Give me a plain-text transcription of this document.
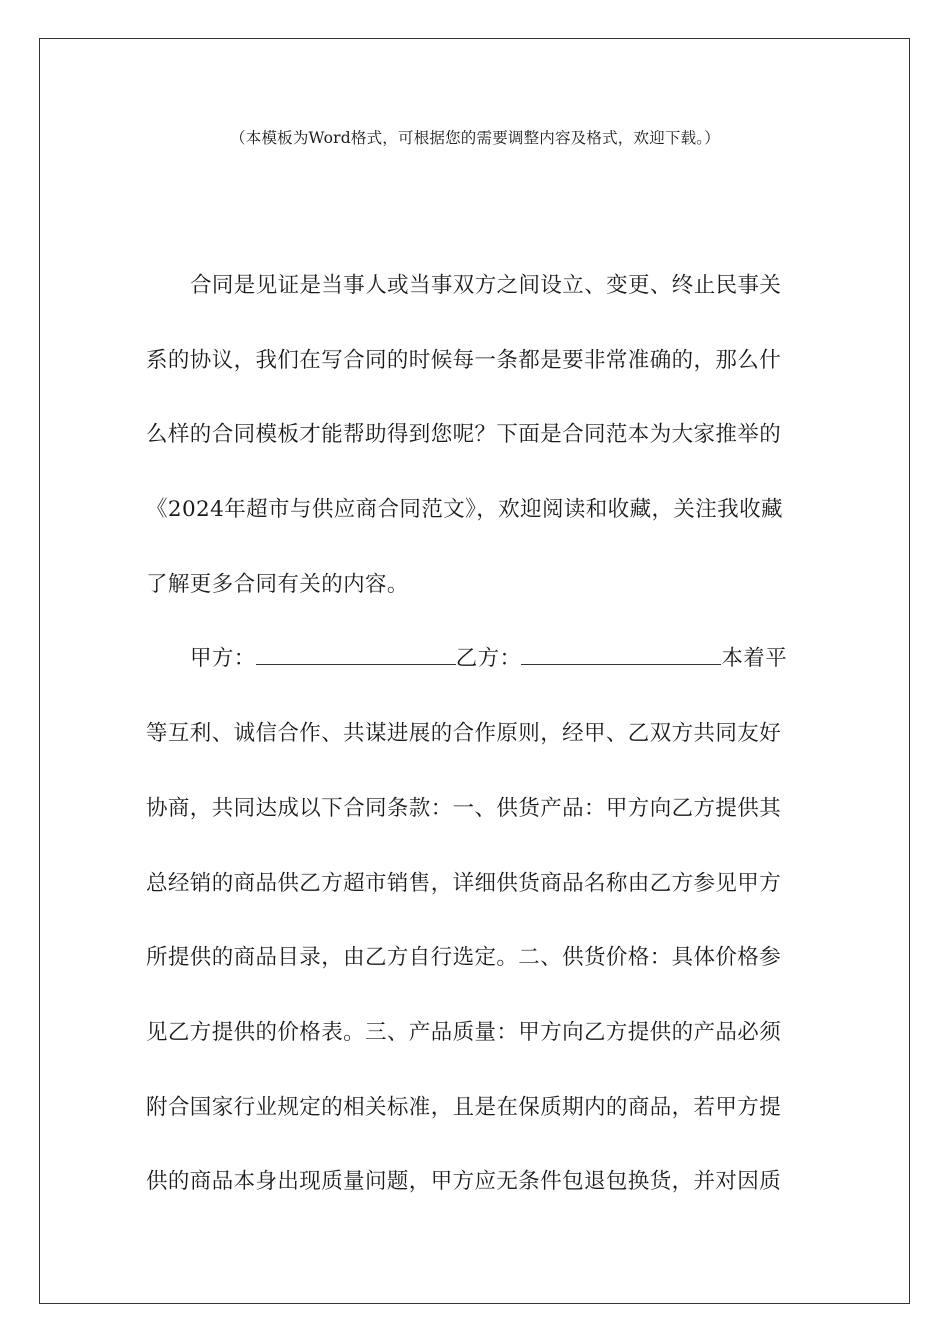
（本模板为Word格式，可根据您的需要调整内容及格式，欢迎下载。）
合同是见证是当事人或当事双方之间设立、变更、终止民事关
系的协议，我们在写合同的时候每一条都是要非常准确的，那么什
么样的合同模板才能帮助得到您呢？下面是合同范本为大家推举的
《2024年超市与供应商合同范文》，欢迎阅读和收藏，关注我收藏
了解更多合同有关的内容。
甲方：	乙方：	本着平
等互利、诚信合作、共谋进展的合作原则，经甲、乙双方共同友好
协商，共同达成以下合同条款：一、供货产品：甲方向乙方提供其
总经销的商品供乙方超市销售，详细供货商品名称由乙方参见甲方
所提供的商品目录，由乙方自行选定。二、供货价格：具体价格参
见乙方提供的价格表。三、产品质量：甲方向乙方提供的产品必须
附合国家行业规定的相关标准，且是在保质期内的商品，若甲方提
供的商品本身出现质量问题，甲方应无条件包退包换货，并对因质
